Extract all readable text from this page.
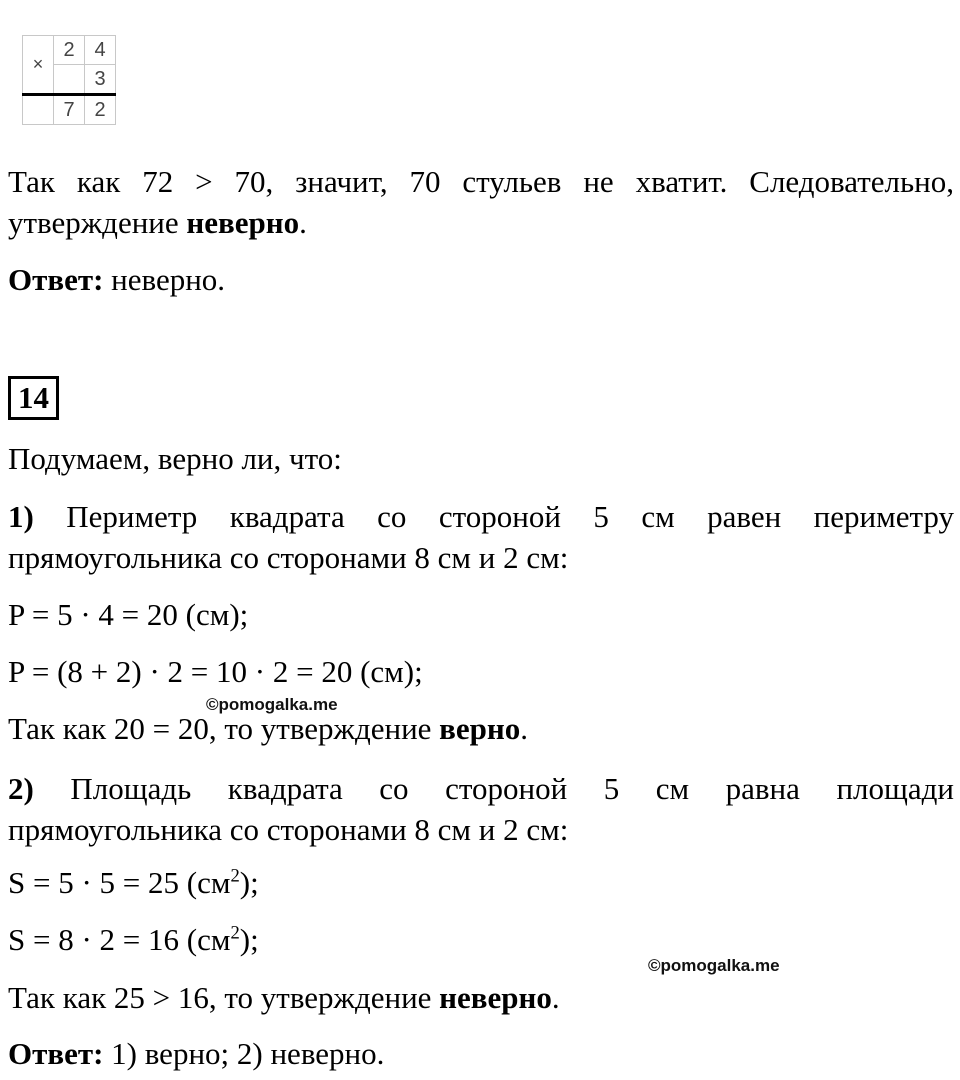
×	2	4
		3
	7	2
Так как 72 > 70, значит, 70 стульев не хватит. Следовательно,
утверждение неверно.
Ответ: неверно.
14
Подумаем, верно ли, что:
1) Периметр квадрата со стороной 5 см равен периметру
прямоугольника со сторонами 8 см и 2 см:
P = 5 · 4 = 20 (см);
P = (8 + 2) · 2 = 10 · 2 = 20 (см);
Так как 20 = 20, то утверждение верно.
2) Площадь квадрата со стороной 5 см равна площади
прямоугольника со сторонами 8 см и 2 см:
S = 5 · 5 = 25 $(см^2)$;
S = 8 · 2 = 16 $(см^2)$;
Так как 25 > 16, то утверждение неверно.
Ответ: 1) верно; 2) неверно.
©pomogalka.me
©pomogalka.me
